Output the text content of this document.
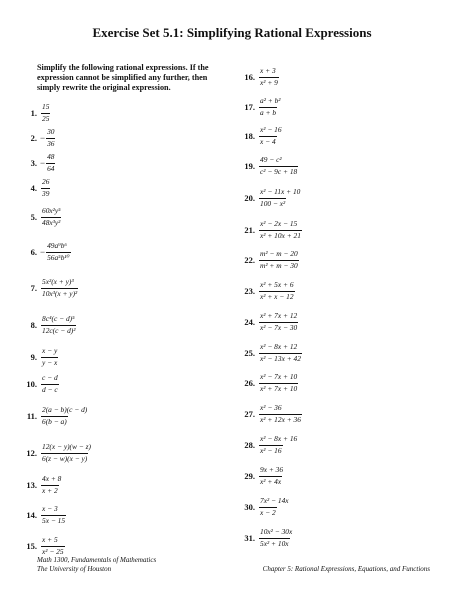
Exercise Set 5.1: Simplifying Rational Expressions
Simplify the following rational expressions. If the expression cannot be simplified any further, then simply rewrite the original expression.
1. $\frac{15}{25}$
2. − $\frac{30}{36}$
3. − $\frac{48}{64}$
4. $\frac{26}{39}$
5. $\frac{\text{60x²y⁵}}{\text{48x³y²}}$
6. − $\frac{\text{49a⁹b⁶}}{\text{56a⁵b¹⁰}}$
7. $\frac{\text{5x²(x + y)³}}{\text{10x³(x + y)²}}$
8. $\frac{\text{8c⁴(c − d)⁵}}{\text{12c(c − d)²}}$
9. $\frac{x - y}{y - x}$
10. $\frac{c - d}{d - c}$
11. $\frac{2(a - b)(c - d)}{6(b - a)}$
12. $\frac{12(x - y)(w - z)}{6(z - w)(x - y)}$
13. $\frac{4x + 8}{x + 2}$
14. $\frac{x - 3}{5x - 15}$
15. $\frac{x + 5}{\text{x² − 25}}$
16. $\frac{x + 3}{\text{x² + 9}}$
17. $\frac{\text{a² + b²}}{a + b}$
18. $\frac{\text{x² − 16}}{x - 4}$
19. $\frac{\text{49 − c²}}{\text{c² − 9c + 18}}$
20. $\frac{\text{x² − 11x + 10}}{\text{100 − x²}}$
21. $\frac{\text{x² − 2x − 15}}{\text{x² + 10x + 21}}$
22. $\frac{\text{m² − m − 20}}{\text{m² + m − 30}}$
23. $\frac{\text{x² + 5x + 6}}{\text{x² + x − 12}}$
24. $\frac{\text{x² + 7x + 12}}{\text{x² − 7x − 30}}$
25. $\frac{\text{x² − 8x + 12}}{\text{x² − 13x + 42}}$
26. $\frac{\text{x² − 7x + 10}}{\text{x² + 7x + 10}}$
27. $\frac{\text{x² − 36}}{\text{x² + 12x + 36}}$
28. $\frac{\text{x² − 8x + 16}}{\text{x² − 16}}$
29. $\frac{9x + 36}{\text{x² + 4x}}$
30. $\frac{\text{7x² − 14x}}{x - 2}$
31. $\frac{\text{10x² − 30x}}{\text{5x² + 10x}}$
Math 1300, Fundamentals of Mathematics
The University of Houston	Chapter 5: Rational Expressions, Equations, and Functions
